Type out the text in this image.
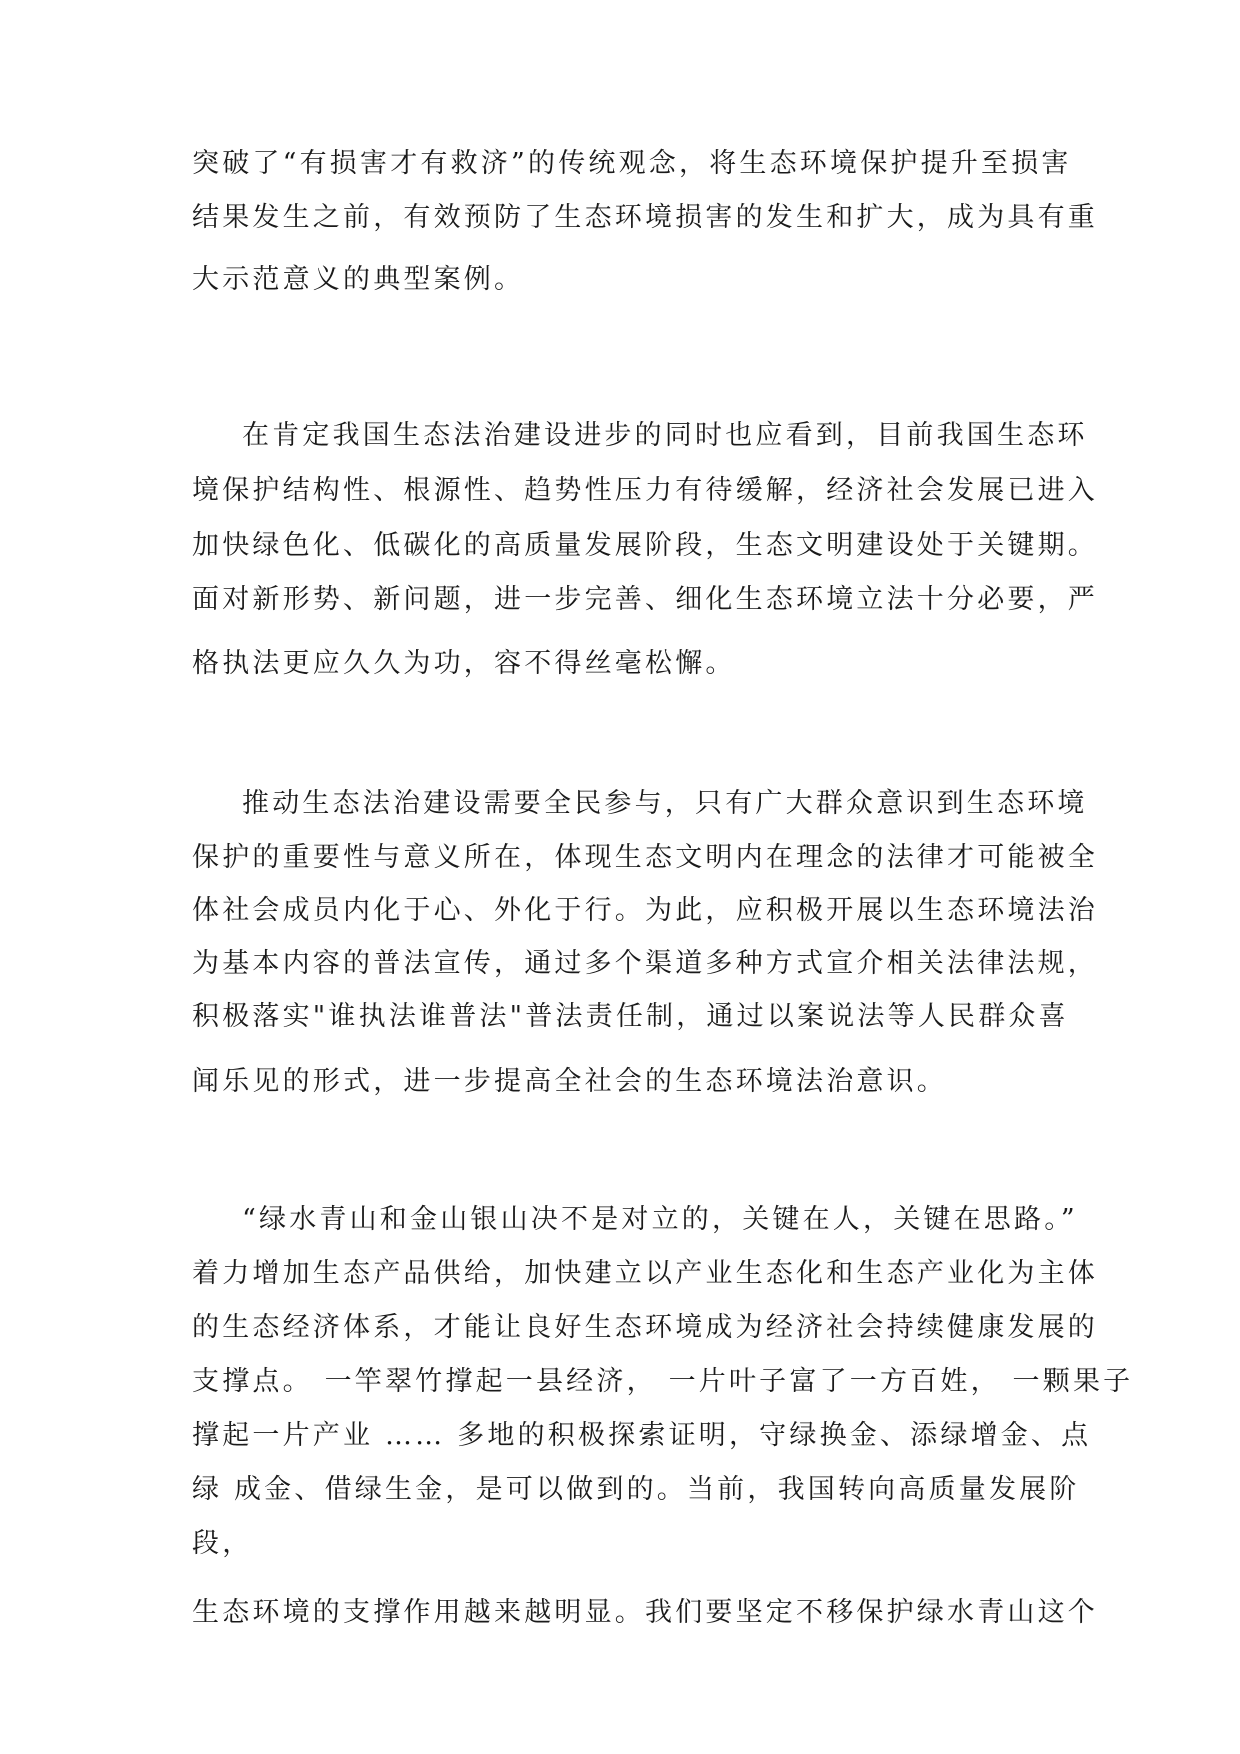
突破了“有损害才有救济”的传统观念，将生态环境保护提升至损害
结果发生之前，有效预防了生态环境损害的发生和扩大，成为具有重
大示范意义的典型案例。
在肯定我国生态法治建设进步的同时也应看到，目前我国生态环
境保护结构性、根源性、趋势性压力有待缓解，经济社会发展已进入
加快绿色化、低碳化的高质量发展阶段，生态文明建设处于关键期。
面对新形势、新问题，进一步完善、细化生态环境立法十分必要，严
格执法更应久久为功，容不得丝毫松懈。
推动生态法治建设需要全民参与，只有广大群众意识到生态环境
保护的重要性与意义所在，体现生态文明内在理念的法律才可能被全
体社会成员内化于心、外化于行。为此，应积极开展以生态环境法治
为基本内容的普法宣传，通过多个渠道多种方式宣介相关法律法规，
积极落实"谁执法谁普法"普法责任制，通过以案说法等人民群众喜
闻乐见的形式，进一步提高全社会的生态环境法治意识。
“绿水青山和金山银山决不是对立的，关键在人，关键在思路。”
着力增加生态产品供给，加快建立以产业生态化和生态产业化为主体
的生态经济体系，才能让良好生态环境成为经济社会持续健康发展的
支撑点。 一竿翠竹撑起一县经济， 一片叶子富了一方百姓， 一颗果子
撑起一片产业 …… 多地的积极探索证明，守绿换金、添绿增金、点
绿 成金、借绿生金，是可以做到的。当前，我国转向高质量发展阶
段，
生态环境的支撑作用越来越明显。我们要坚定不移保护绿水青山这个
